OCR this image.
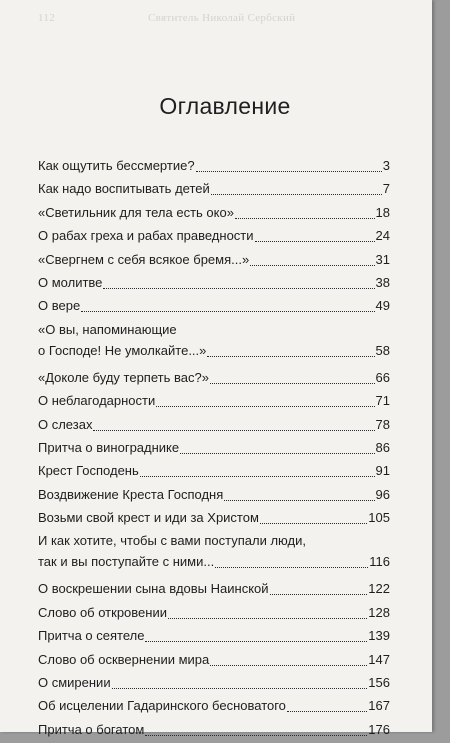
112	Святитель Николай Сербский
Оглавление
Как ощутить бессмертие?	3
Как надо воспитывать детей	7
«Светильник для тела есть око»	18
О рабах греха и рабах праведности	24
«Свергнем с себя всякое бремя...»	31
О молитве	38
О вере	49
«О вы, напоминающие
о Господе! Не умолкайте...»	58
«Доколе буду терпеть вас?»	66
О неблагодарности	71
О слезах	78
Притча о винограднике	86
Крест Господень	91
Воздвижение Креста Господня	96
Возьми свой крест и иди за Христом	105
И как хотите, чтобы с вами поступали люди,
так и вы поступайте с ними...	116
О воскрешении сына вдовы Наинской	122
Слово об откровении	128
Притча о сеятеле	139
Слово об осквернении мира	147
О смирении	156
Об исцелении Гадаринского бесноватого	167
Притча о богатом	176
